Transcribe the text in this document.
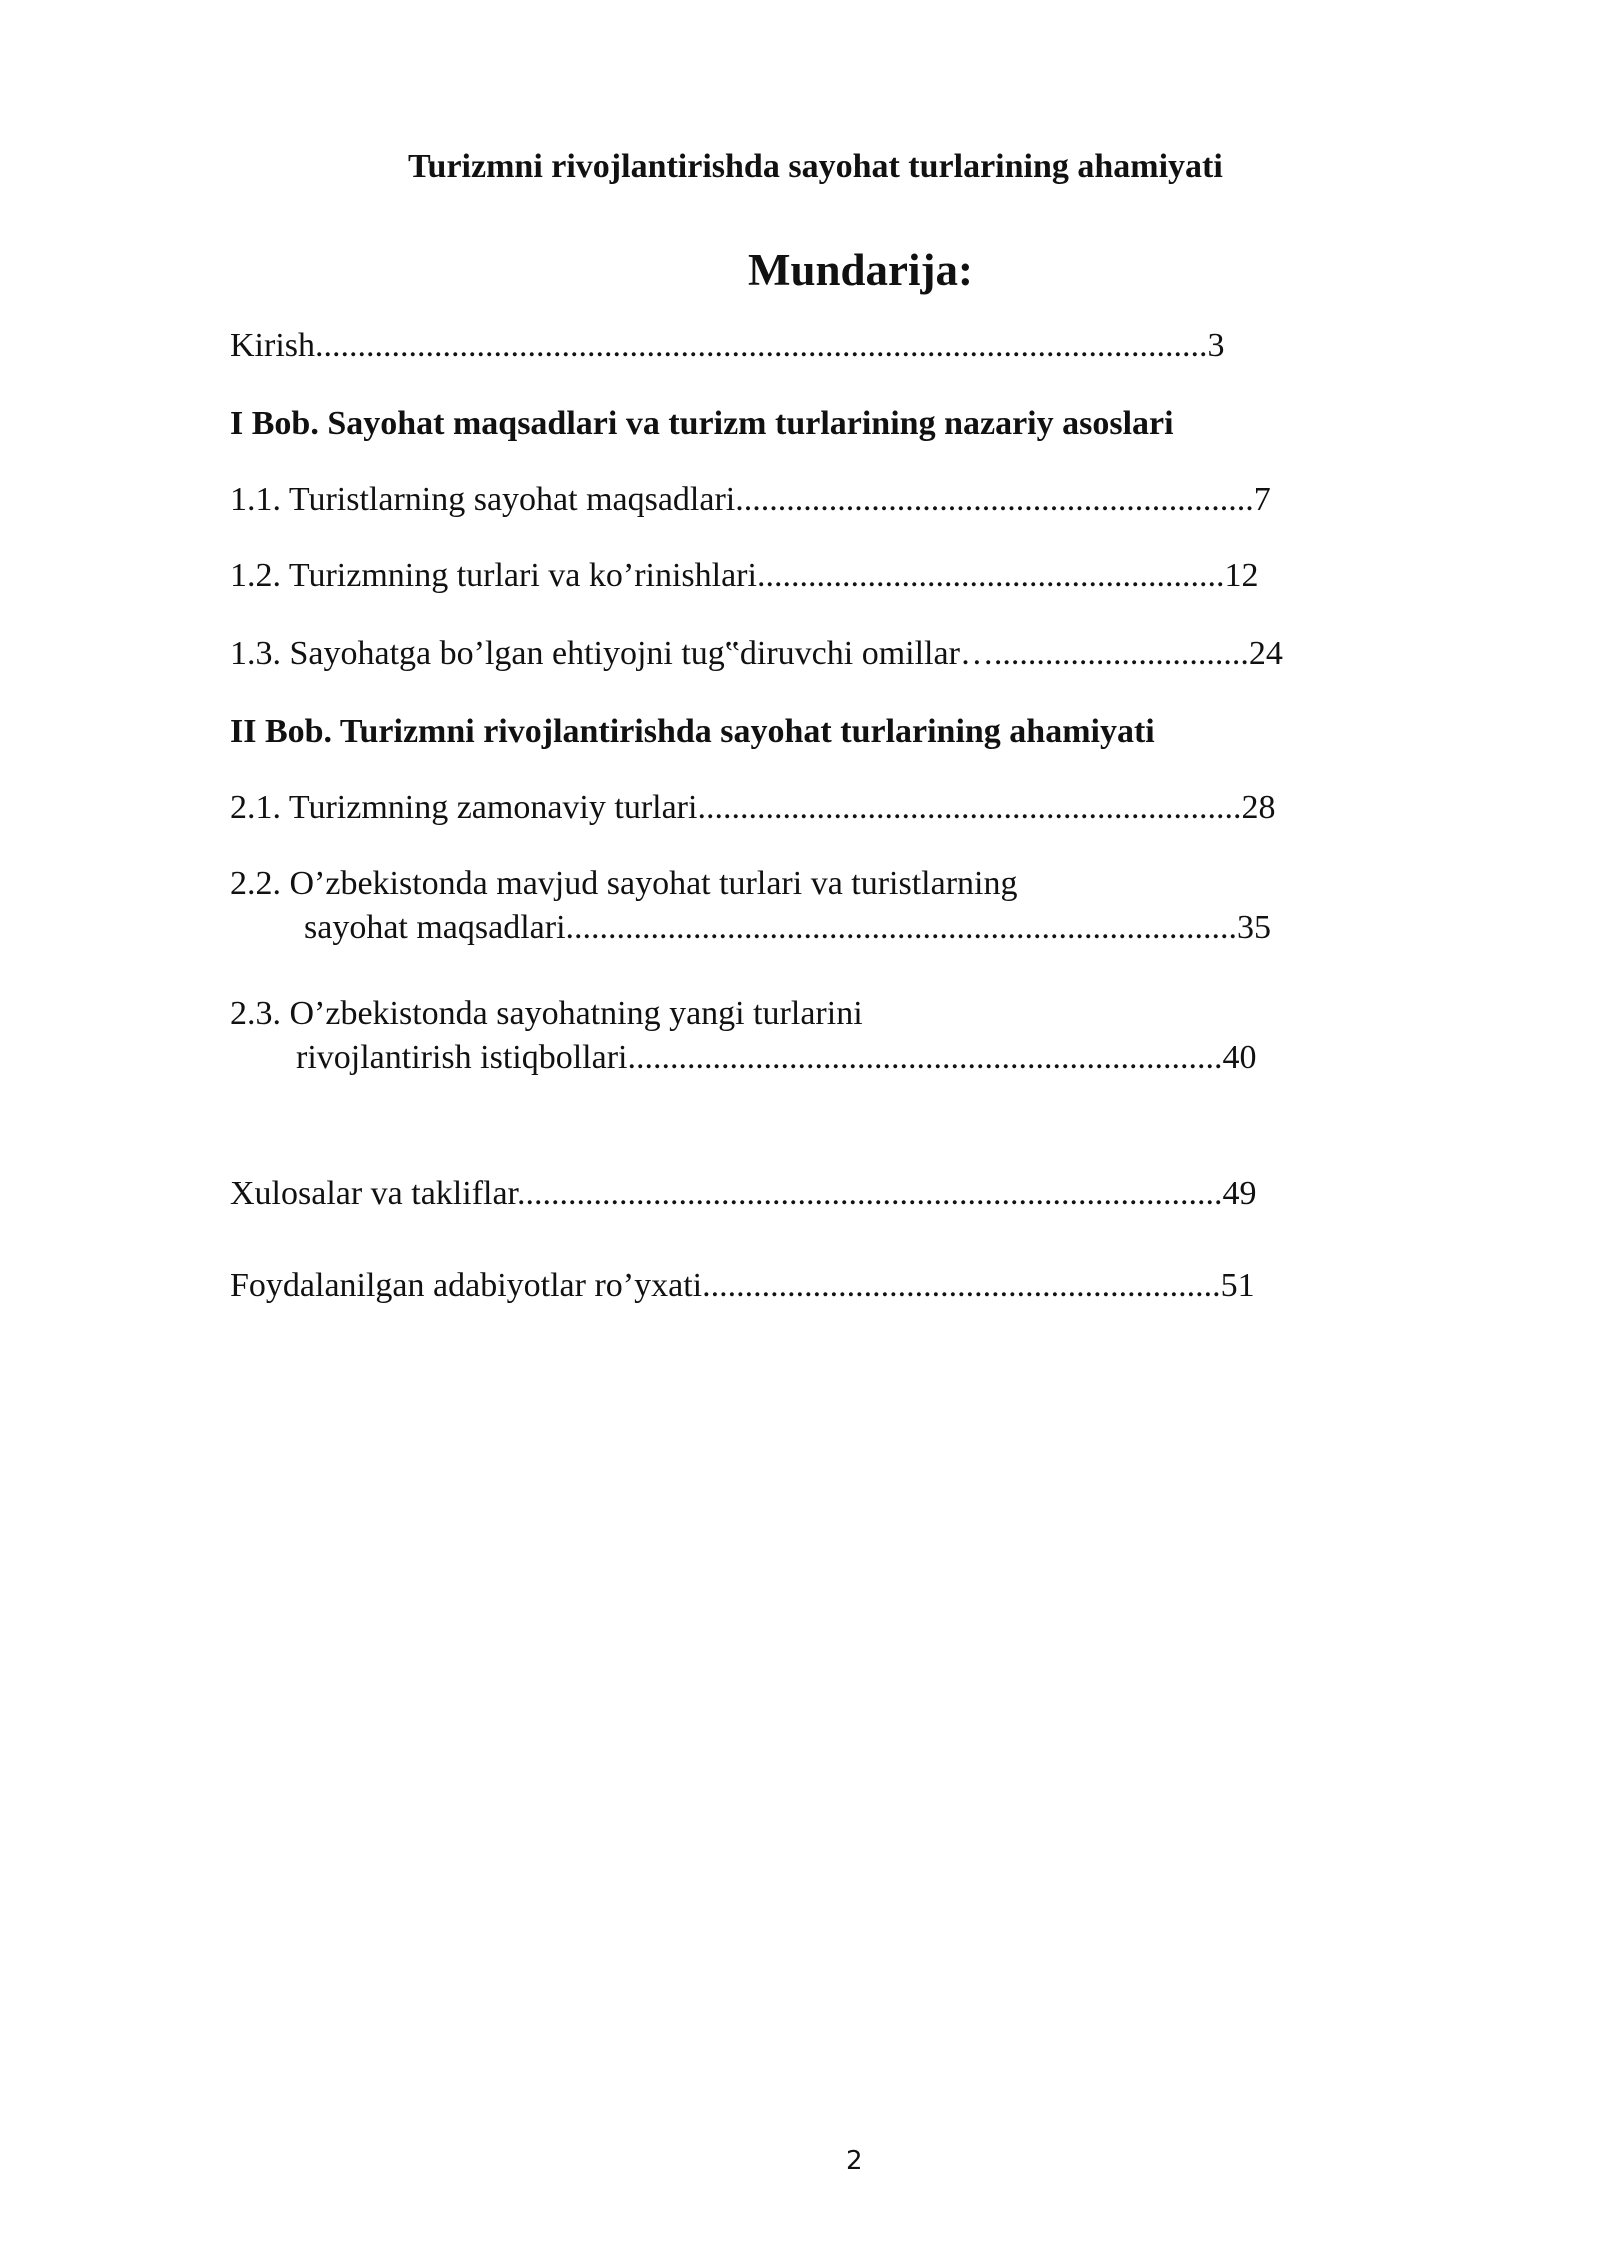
Turizmni rivojlantirishda sayohat turlarining ahamiyati
Mundarija:
Kirish.........................................................................................................3
I Bob. Sayohat maqsadlari va turizm turlarining nazariy asoslari
1.1. Turistlarning sayohat maqsadlari.............................................................7
1.2. Turizmning turlari va ko’rinishlari.......................................................12
1.3. Sayohatga bo’lgan ehtiyojni tug‟diruvchi omillar…..............................24
II Bob. Turizmni rivojlantirishda sayohat turlarining ahamiyati
2.1. Turizmning zamonaviy turlari................................................................28
2.2. O’zbekistonda mavjud sayohat turlari va turistlarning
sayohat maqsadlari...............................................................................35
2.3. O’zbekistonda sayohatning yangi turlarini
rivojlantirish istiqbollari......................................................................40
Xulosalar va takliflar...................................................................................49
Foydalanilgan adabiyotlar ro’yxati.............................................................51
2
